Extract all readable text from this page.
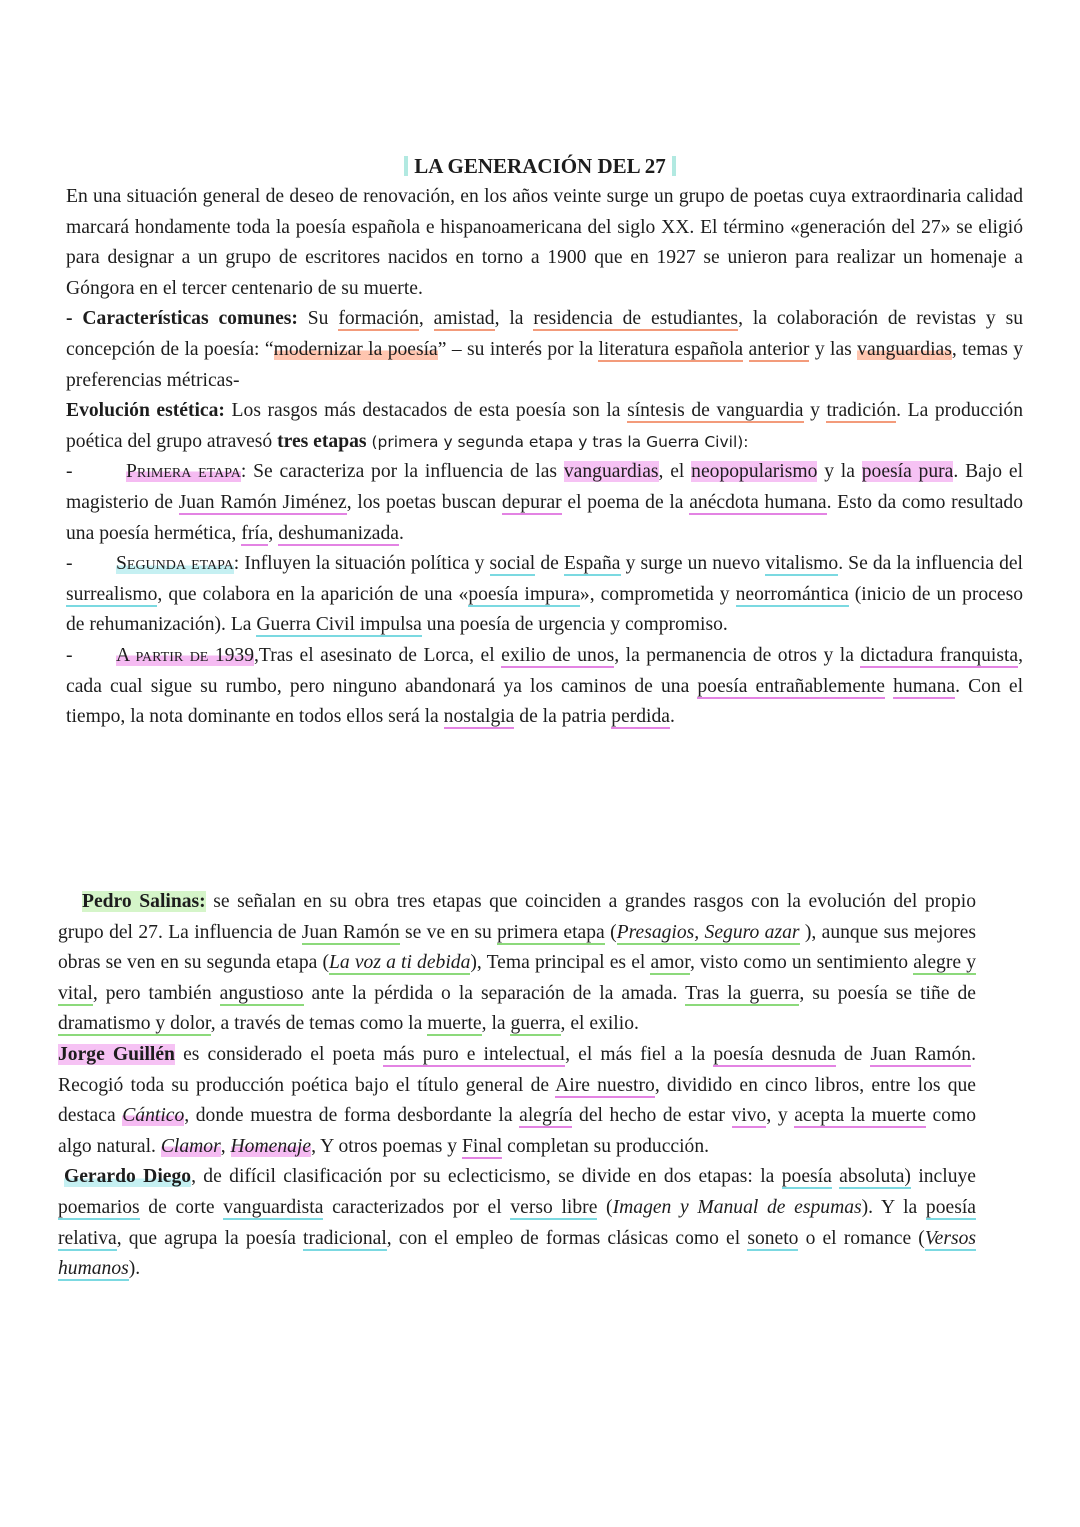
LA GENERACIÓN DEL 27

En una situación general de deseo de renovación, en los años veinte surge un grupo de poetas cuya extraordinaria calidad marcará hondamente toda la poesía española e hispanoamericana del siglo XX. El término «generación del 27» se eligió para designar a un grupo de escritores nacidos en torno a 1900 que en 1927 se unieron para realizar un homenaje a Góngora en el tercer centenario de su muerte.

- Características comunes: Su formación, amistad, la residencia de estudiantes, la colaboración de revistas y su concepción de la poesía: “modernizar la poesía” – su interés por la literatura española anterior y las vanguardias, temas y preferencias métricas-

Evolución estética: Los rasgos más destacados de esta poesía son la síntesis de vanguardia y tradición. La producción poética del grupo atravesó tres etapas (primera y segunda etapa y tras la Guerra Civil):

-	Primera etapa: Se caracteriza por la influencia de las vanguardias, el neopopularismo y la poesía pura. Bajo el magisterio de Juan Ramón Jiménez, los poetas buscan depurar el poema de la anécdota humana. Esto da como resultado una poesía hermética, fría, deshumanizada.

- Segunda etapa: Influyen la situación política y social de España y surge un nuevo vitalismo. Se da la influencia del surrealismo, que colabora en la aparición de una «poesía impura», comprometida y neorromántica (inicio de un proceso de rehumanización). La Guerra Civil impulsa una poesía de urgencia y compromiso.

- A partir de 1939,Tras el asesinato de Lorca, el exilio de unos, la permanencia de otros y la dictadura franquista, cada cual sigue su rumbo, pero ninguno abandonará ya los caminos de una poesía entrañablemente humana. Con el tiempo, la nota dominante en todos ellos será la nostalgia de la patria perdida.

Pedro Salinas: se señalan en su obra tres etapas que coinciden a grandes rasgos con la evolución del propio grupo del 27. La influencia de Juan Ramón se ve en su primera etapa (Presagios, Seguro azar ), aunque sus mejores obras se ven en su segunda etapa (La voz a ti debida), Tema principal es el amor, visto como un sentimiento alegre y vital, pero también angustioso ante la pérdida o la separación de la amada. Tras la guerra, su poesía se tiñe de dramatismo y dolor, a través de temas como la muerte, la guerra, el exilio.

Jorge Guillén es considerado el poeta más puro e intelectual, el más fiel a la poesía desnuda de Juan Ramón. Recogió toda su producción poética bajo el título general de Aire nuestro, dividido en cinco libros, entre los que destaca Cántico, donde muestra de forma desbordante la alegría del hecho de estar vivo, y acepta la muerte como algo natural. Clamor, Homenaje, Y otros poemas y Final completan su producción.

Gerardo Diego, de difícil clasificación por su eclecticismo, se divide en dos etapas: la poesía absoluta) incluye poemarios de corte vanguardista caracterizados por el verso libre (Imagen y Manual de espumas). Y la poesía relativa, que agrupa la poesía tradicional, con el empleo de formas clásicas como el soneto o el romance (Versos humanos).
